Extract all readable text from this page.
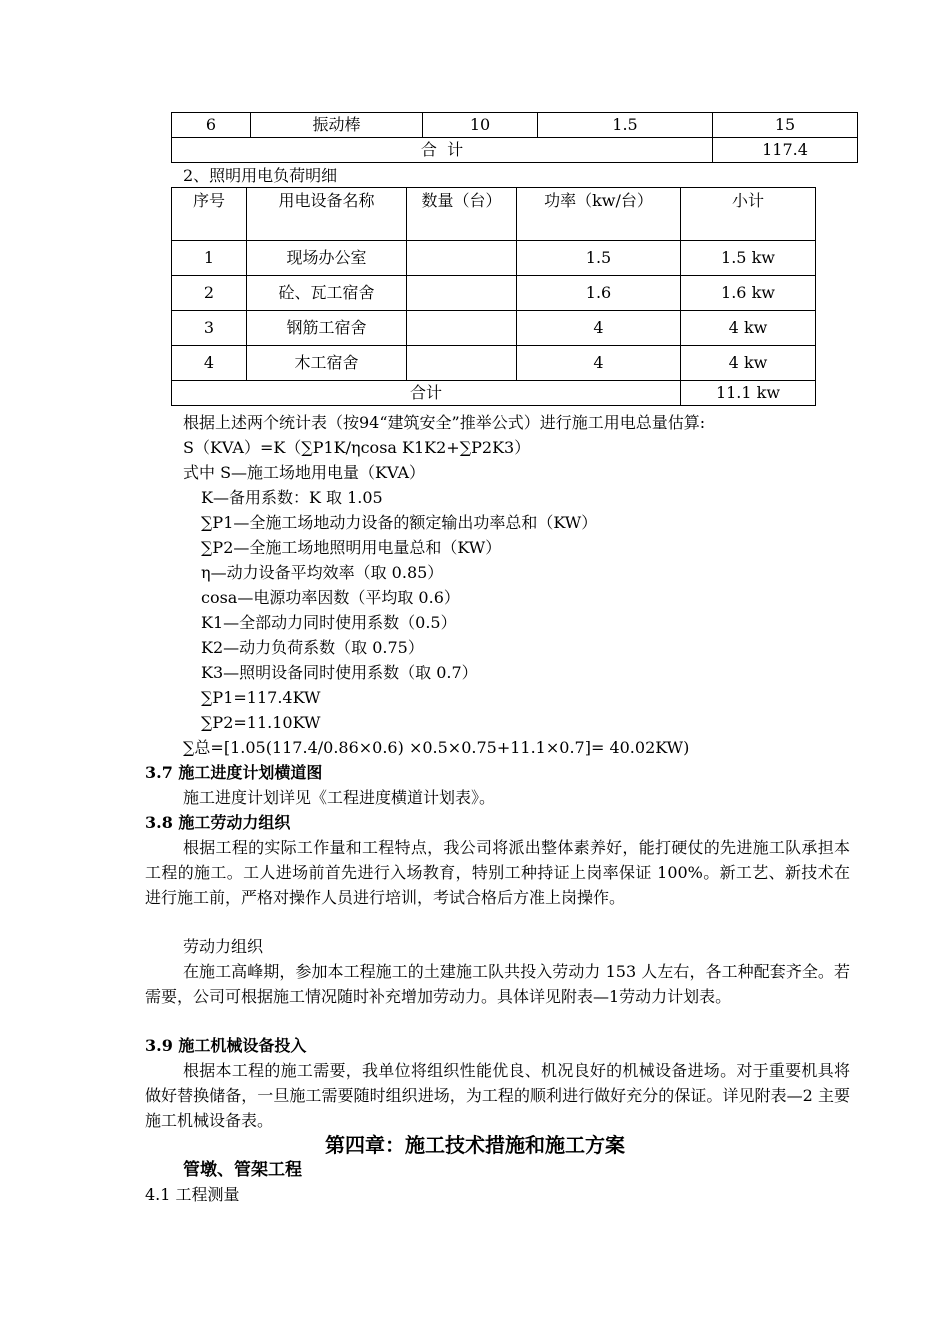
6	振动棒	10	1.5	15
合  计				117.4
2、照明用电负荷明细
序号	用电设备名称	数量（台）	功率（kw/台）	小计
1	现场办公室		1.5	1.5 kw
2	砼、瓦工宿舍		1.6	1.6 kw
3	钢筋工宿舍		4	4 kw
4	木工宿舍		4	4 kw
合计				11.1 kw
根据上述两个统计表（按94“建筑安全”推举公式）进行施工用电总量估算:
S（KVA）=K（∑P1K/ηcosa K1K2+∑P2K3）
式中 S—施工场地用电量（KVA）
K—备用系数：K 取 1.05
∑P1—全施工场地动力设备的额定输出功率总和（KW）
∑P2—全施工场地照明用电量总和（KW）
η—动力设备平均效率（取 0.85）
cosa—电源功率因数（平均取 0.6）
K1—全部动力同时使用系数（0.5）
K2—动力负荷系数（取 0.75）
K3—照明设备同时使用系数（取 0.7）
∑P1=117.4KW
∑P2=11.10KW
∑总=[1.05(117.4/0.86×0.6) ×0.5×0.75+11.1×0.7]= 40.02KW)
3.7 施工进度计划横道图
施工进度计划详见《工程进度横道计划表》。
3.8 施工劳动力组织
根据工程的实际工作量和工程特点，我公司将派出整体素养好，能打硬仗的先进施工队承担本工程的施工。工人进场前首先进行入场教育，特别工种持证上岗率保证 100%。新工艺、新技术在进行施工前，严格对操作人员进行培训，考试合格后方准上岗操作。
劳动力组织
在施工高峰期，参加本工程施工的土建施工队共投入劳动力 153 人左右，各工种配套齐全。若需要，公司可根据施工情况随时补充增加劳动力。具体详见附表—1劳动力计划表。
3.9 施工机械设备投入
根据本工程的施工需要，我单位将组织性能优良、机况良好的机械设备进场。对于重要机具将做好替换储备，一旦施工需要随时组织进场，为工程的顺利进行做好充分的保证。详见附表—2 主要施工机械设备表。
第四章：施工技术措施和施工方案
管墩、管架工程
4.1 工程测量
